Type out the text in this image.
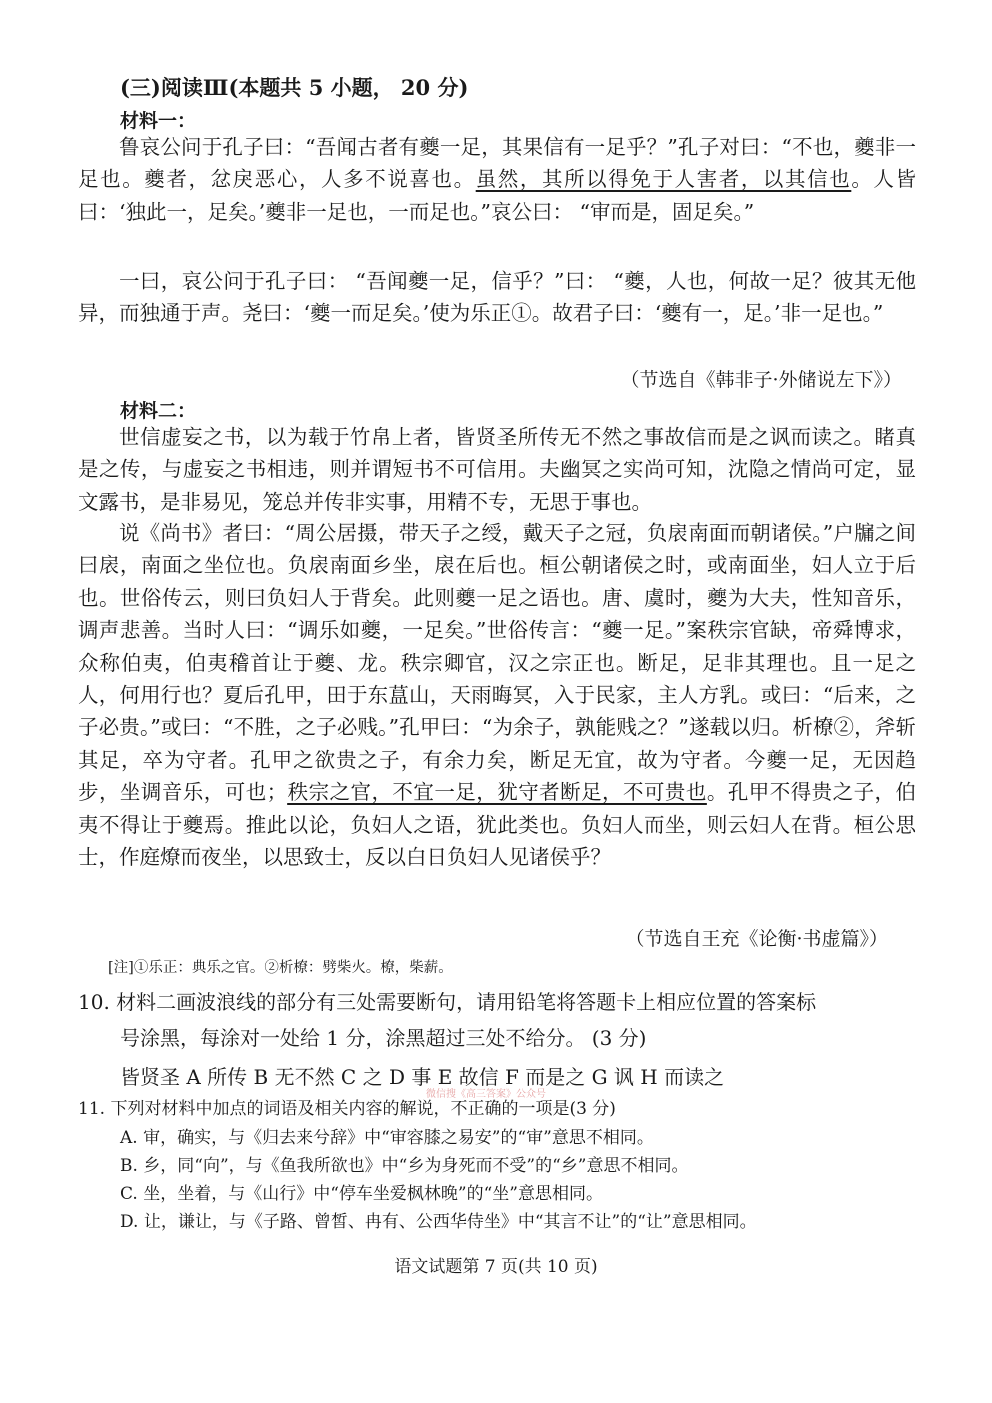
(三)阅读Ⅲ(本题共 5 小题， 20 分)
材料一：

鲁哀公问于孔子曰：“吾闻古者有夔一足，其果信有一足乎？”孔子对曰：“不也，夔非一足也。夔者，忿戾恶心，人多不说喜也。虽然，其所以得免于人害者，以其信也。人皆曰：‘独此一，足矣。’夔非一足也，一而足也。”哀公曰： “审而是，固足矣。”

一曰，哀公问于孔子曰： “吾闻夔一足，信乎？”曰： “夔，人也，何故一足？彼其无他异，而独通于声。尧曰：‘夔一而足矣。’使为乐正①。故君子曰：‘夔有一，足。’非一足也。”

（节选自《韩非子·外储说左下》）
材料二：

世信虚妄之书，以为载于竹帛上者，皆贤圣所传无不然之事故信而是之讽而读之。睹真是之传，与虚妄之书相违，则并谓短书不可信用。夫幽冥之实尚可知，沈隐之情尚可定，显文露书，是非易见，笼总并传非实事，用精不专，无思于事也。

说《尚书》者曰：“周公居摄，带天子之绶，戴天子之冠，负扆南面而朝诸侯。”户牖之间曰扆，南面之坐位也。负扆南面乡坐，扆在后也。桓公朝诸侯之时，或南面坐，妇人立于后也。世俗传云，则曰负妇人于背矣。此则夔一足之语也。唐、虞时，夔为大夫，性知音乐，调声悲善。当时人曰：“调乐如夔，一足矣。”世俗传言：“夔一足。”案秩宗官缺，帝舜博求，众称伯夷，伯夷稽首让于夔、龙。秩宗卿官，汉之宗正也。断足，足非其理也。且一足之人，何用行也？夏后孔甲，田于东蒀山，天雨晦冥，入于民家，主人方乳。或曰：“后来，之子必贵。”或曰：“不胜，之子必贱。”孔甲曰：“为余子，孰能贱之？”遂载以归。析橑②，斧斩其足，卒为守者。孔甲之欲贵之子，有余力矣，断足无宜，故为守者。今夔一足，无因趋步，坐调音乐，可也；秩宗之官，不宜一足，犹守者断足，不可贵也。孔甲不得贵之子，伯夷不得让于夔焉。推此以论，负妇人之语，犹此类也。负妇人而坐，则云妇人在背。桓公思士，作庭燎而夜坐，以思致士，反以白日负妇人见诸侯乎？

（节选自王充《论衡·书虚篇》）
[注]①乐正：典乐之官。②析橑：劈柴火。橑，柴薪。
10. 材料二画波浪线的部分有三处需要断句，请用铅笔将答题卡上相应位置的答案标
号涂黑，每涂对一处给 1 分，涂黑超过三处不给分。 (3 分)
皆贤圣 A 所传 B 无不然 C 之 D 事 E 故信 F 而是之 G 讽 H 而读之
微信搜《高三答案》公众号
11. 下列对材料中加点的词语及相关内容的解说，不正确的一项是(3 分)
A. 审，确实，与《归去来兮辞》中“审容膝之易安”的“审”意思不相同。
B. 乡，同“向”，与《鱼我所欲也》中“乡为身死而不受”的“乡”意思不相同。
C. 坐，坐着，与《山行》中“停车坐爱枫林晚”的“坐”意思相同。
D. 让，谦让，与《子路、曾皙、冉有、公西华侍坐》中“其言不让”的“让”意思相同。
语文试题第 7 页(共 10 页)
